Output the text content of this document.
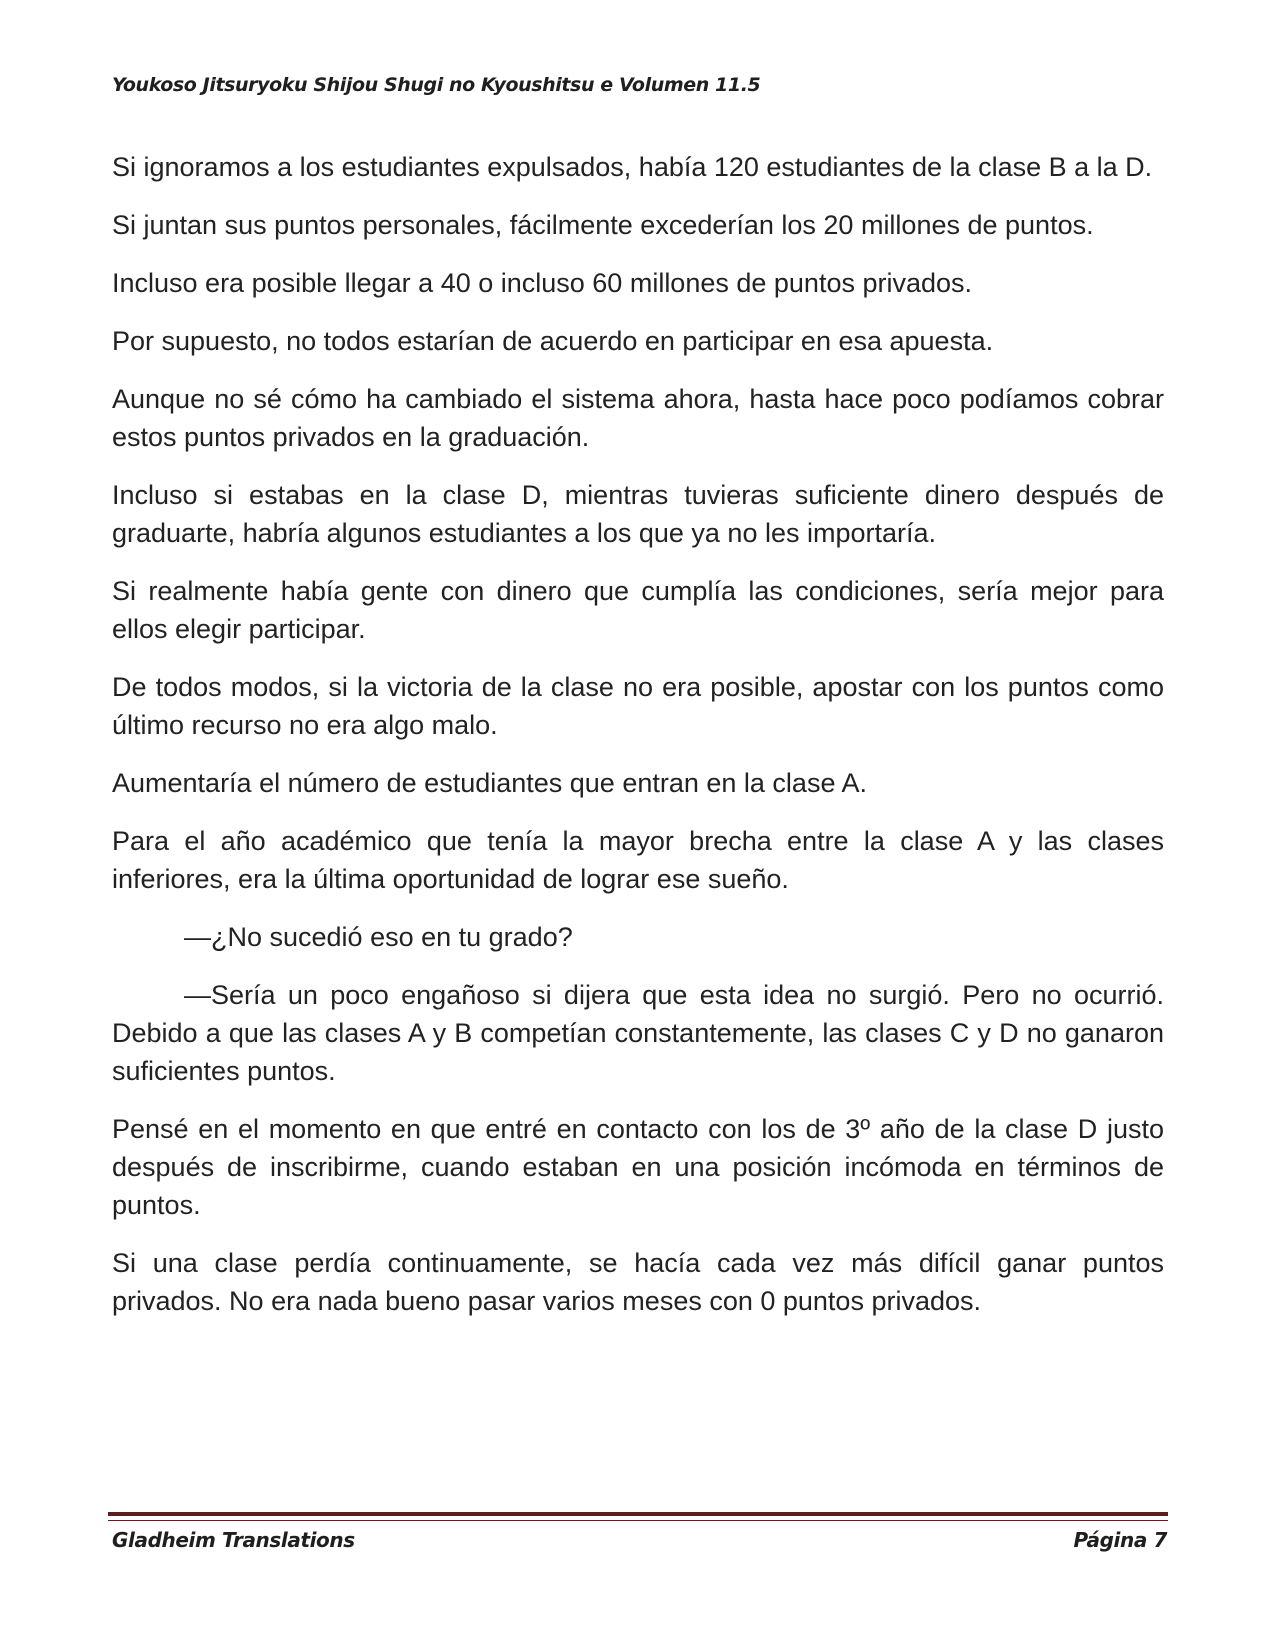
Youkoso Jitsuryoku Shijou Shugi no Kyoushitsu e Volumen 11.5

Si ignoramos a los estudiantes expulsados, había 120 estudiantes de la clase B a la D.

Si juntan sus puntos personales, fácilmente excederían los 20 millones de puntos.

Incluso era posible llegar a 40 o incluso 60 millones de puntos privados.

Por supuesto, no todos estarían de acuerdo en participar en esa apuesta.

Aunque no sé cómo ha cambiado el sistema ahora, hasta hace poco podíamos cobrar estos puntos privados en la graduación.

Incluso si estabas en la clase D, mientras tuvieras suficiente dinero después de graduarte, habría algunos estudiantes a los que ya no les importaría.

Si realmente había gente con dinero que cumplía las condiciones, sería mejor para ellos elegir participar.

De todos modos, si la victoria de la clase no era posible, apostar con los puntos como último recurso no era algo malo.

Aumentaría el número de estudiantes que entran en la clase A.

Para el año académico que tenía la mayor brecha entre la clase A y las clases inferiores, era la última oportunidad de lograr ese sueño.

—¿No sucedió eso en tu grado?

—Sería un poco engañoso si dijera que esta idea no surgió. Pero no ocurrió. Debido a que las clases A y B competían constantemente, las clases C y D no ganaron suficientes puntos.

Pensé en el momento en que entré en contacto con los de 3º año de la clase D justo después de inscribirme, cuando estaban en una posición incómoda en términos de puntos.

Si una clase perdía continuamente, se hacía cada vez más difícil ganar puntos privados. No era nada bueno pasar varios meses con 0 puntos privados.

Gladheim Translations	Página 7
